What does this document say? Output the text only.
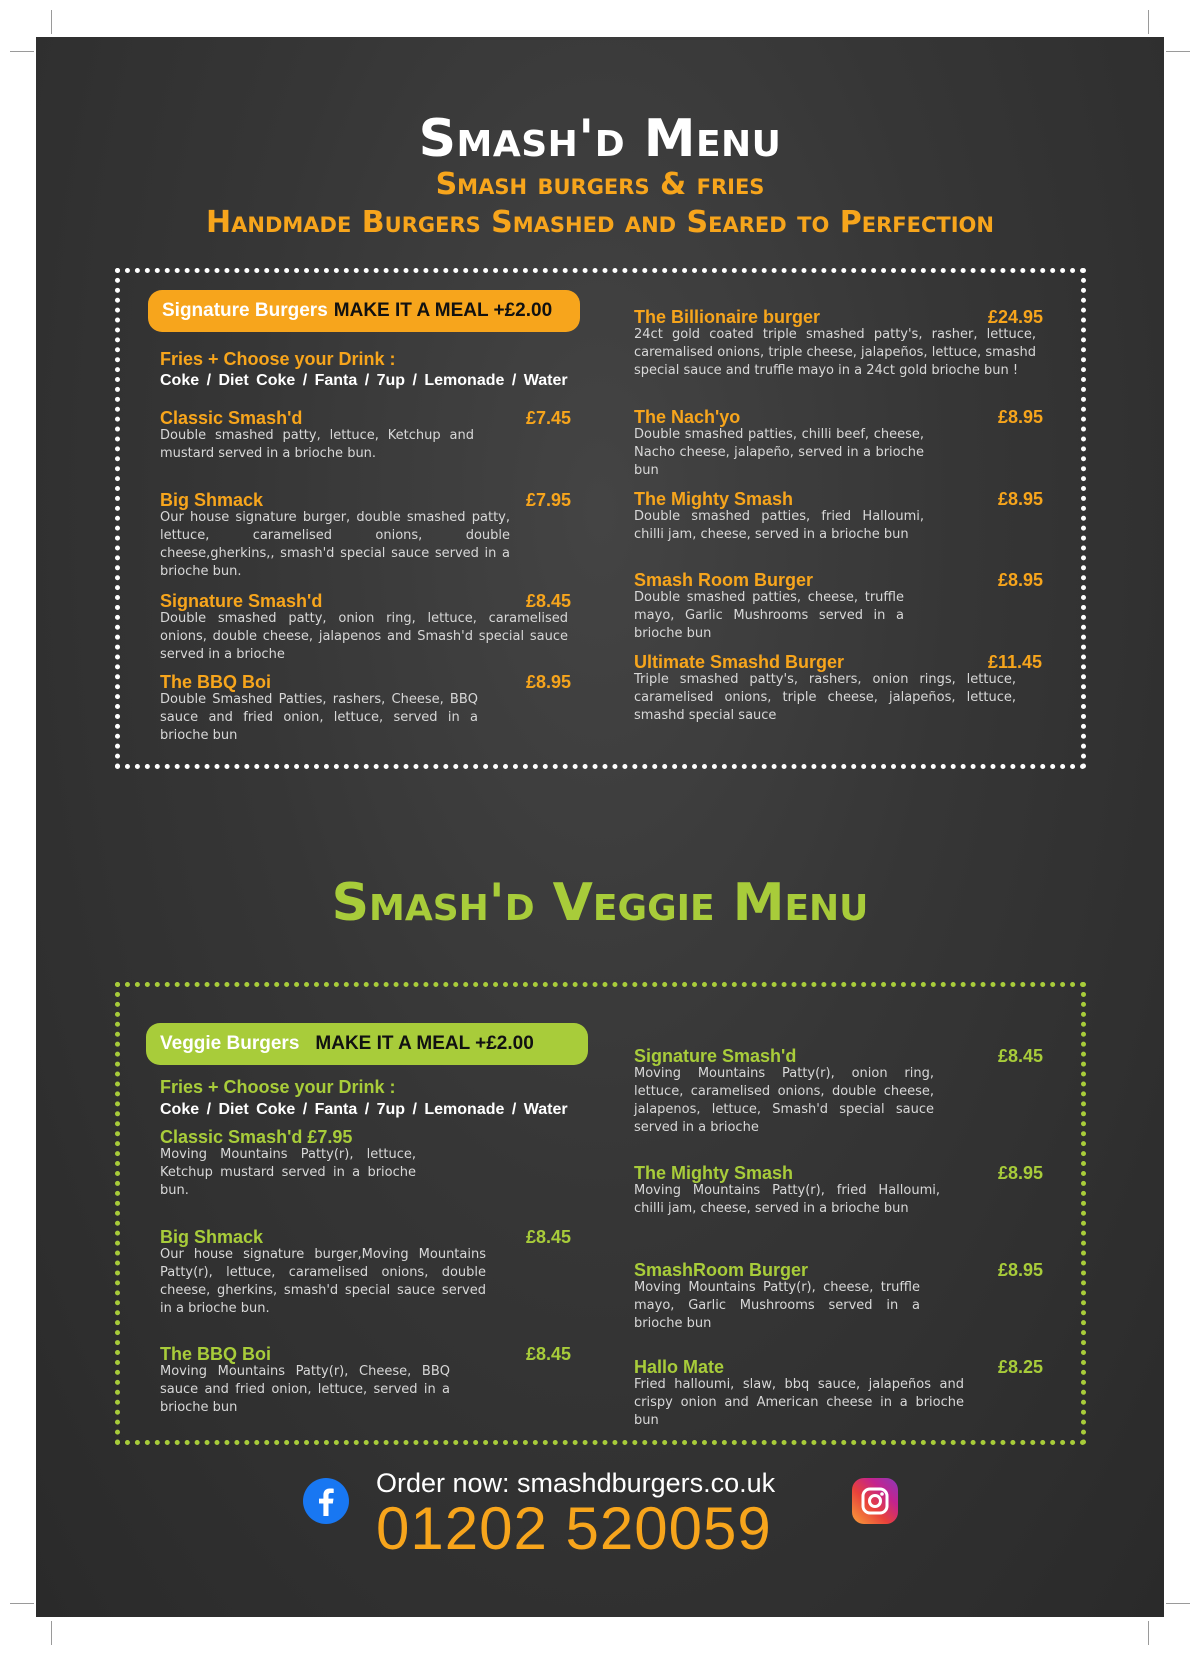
Smash'd Menu
Smash burgers & fries
Handmade Burgers Smashed and Seared to Perfection
Signature Burgers MAKE IT A MEAL +£2.00
Fries + Choose your Drink :
Coke / Diet Coke / Fanta / 7up / Lemonade / Water
Classic Smash'd	£7.45
Double smashed patty, lettuce, Ketchup and mustard served in a brioche bun.
Big Shmack	£7.95
Our house signature burger, double smashed patty, lettuce, caramelised onions, double cheese,gherkins,, smash'd special sauce served in a brioche bun.
Signature Smash'd	£8.45
Double smashed patty, onion ring, lettuce, caramelised onions, double cheese, jalapenos and Smash'd special sauce served in a brioche
The BBQ Boi	£8.95
Double Smashed Patties, rashers, Cheese, BBQ sauce and fried onion, lettuce, served in a brioche bun
The Billionaire burger	£24.95
24ct gold coated triple smashed patty's, rasher, lettuce, caremalised onions, triple cheese, jalapeños, lettuce, smashd special sauce and truffle mayo in a 24ct gold brioche bun !
The Nach'yo	£8.95
Double smashed patties, chilli beef, cheese, Nacho cheese, jalapeño, served in a brioche bun
The Mighty Smash	£8.95
Double smashed patties, fried Halloumi, chilli jam, cheese, served in a brioche bun
Smash Room Burger	£8.95
Double smashed patties, cheese, truffle mayo, Garlic Mushrooms served in a brioche bun
Ultimate Smashd Burger	£11.45
Triple smashed patty's, rashers, onion rings, lettuce, caramelised onions, triple cheese, jalapeños, lettuce, smashd special sauce
Smash'd Veggie Menu
Veggie Burgers MAKE IT A MEAL +£2.00
Fries + Choose your Drink :
Coke / Diet Coke / Fanta / 7up / Lemonade / Water
Classic Smash'd £7.95
Moving Mountains Patty(r), lettuce, Ketchup mustard served in a brioche bun.
Big Shmack	£8.45
Our house signature burger,Moving Mountains Patty(r), lettuce, caramelised onions, double cheese, gherkins, smash'd special sauce served in a brioche bun.
The BBQ Boi	£8.45
Moving Mountains Patty(r), Cheese, BBQ sauce and fried onion, lettuce, served in a brioche bun
Signature Smash'd	£8.45
Moving Mountains Patty(r), onion ring, lettuce, caramelised onions, double cheese, jalapenos, lettuce, Smash'd special sauce served in a brioche
The Mighty Smash	£8.95
Moving Mountains Patty(r), fried Halloumi, chilli jam, cheese, served in a brioche bun
SmashRoom Burger	£8.95
Moving Mountains Patty(r), cheese, truffle mayo, Garlic Mushrooms served in a brioche bun
Hallo Mate	£8.25
Fried halloumi, slaw, bbq sauce, jalapeños and crispy onion and American cheese in a brioche bun
Order now: smashdburgers.co.uk
01202 520059
